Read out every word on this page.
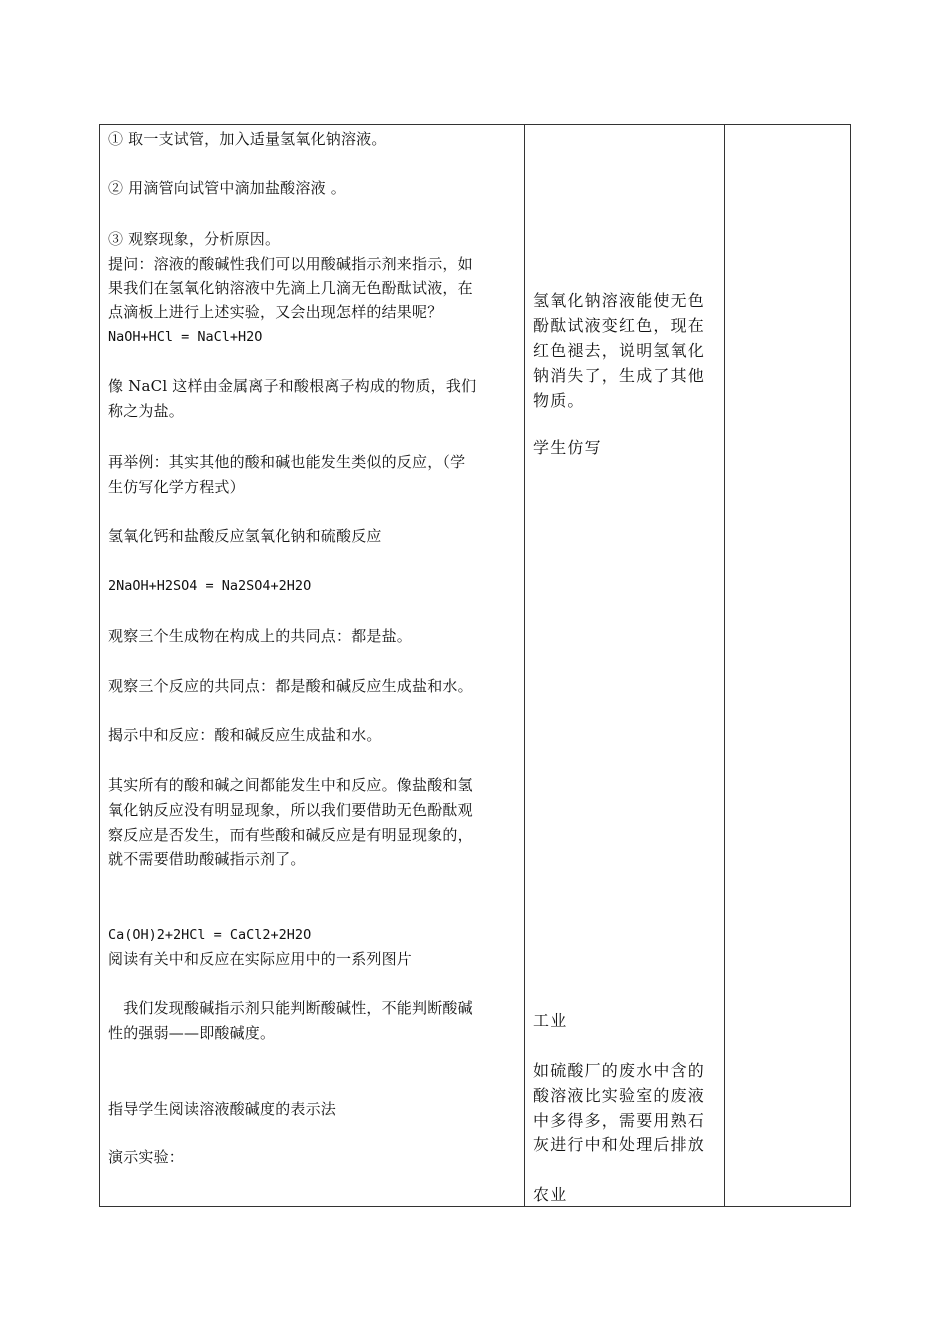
① 取一支试管，加入适量氢氧化钠溶液。
② 用滴管向试管中滴加盐酸溶液 。
③ 观察现象，分析原因。
提问：溶液的酸碱性我们可以用酸碱指示剂来指示，如
果我们在氢氧化钠溶液中先滴上几滴无色酚酞试液，在
点滴板上进行上述实验，又会出现怎样的结果呢？
NaOH+HCl = NaCl+H2O
像 NaCl 这样由金属离子和酸根离子构成的物质，我们
称之为盐。
再举例：其实其他的酸和碱也能发生类似的反应，（学
生仿写化学方程式）
氢氧化钙和盐酸反应氢氧化钠和硫酸反应
2NaOH+H2SO4 = Na2SO4+2H2O
观察三个生成物在构成上的共同点：都是盐。
观察三个反应的共同点：都是酸和碱反应生成盐和水。
揭示中和反应：酸和碱反应生成盐和水。
其实所有的酸和碱之间都能发生中和反应。像盐酸和氢
氧化钠反应没有明显现象，所以我们要借助无色酚酞观
察反应是否发生，而有些酸和碱反应是有明显现象的，
就不需要借助酸碱指示剂了。
Ca(OH)2+2HCl = CaCl2+2H2O
阅读有关中和反应在实际应用中的一系列图片
　我们发现酸碱指示剂只能判断酸碱性，不能判断酸碱
性的强弱——即酸碱度。
指导学生阅读溶液酸碱度的表示法
演示实验：
氢氧化钠溶液能使无色
酚酞试液变红色，现在
红色褪去，说明氢氧化
钠消失了，生成了其他
物质。
学生仿写
工业
如硫酸厂的废水中含的
酸溶液比实验室的废液
中多得多，需要用熟石
灰进行中和处理后排放
农业
